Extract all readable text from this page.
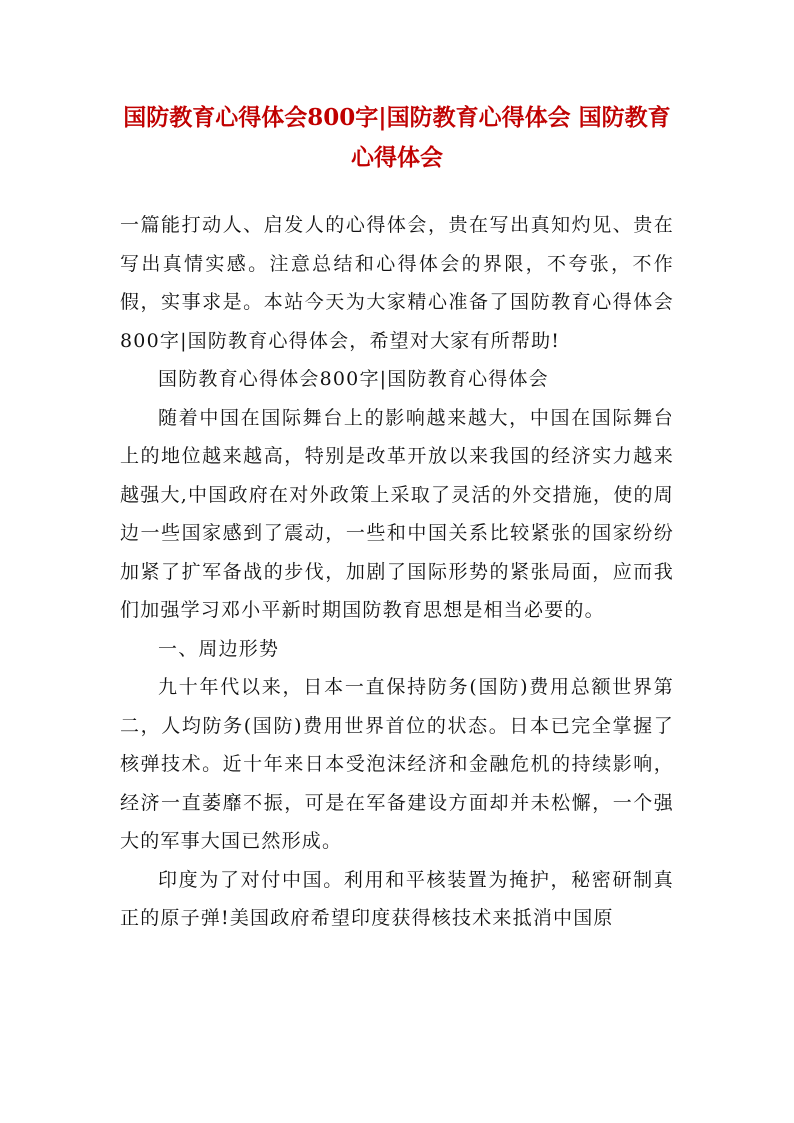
国防教育心得体会800字|国防教育心得体会 国防教育心得体会

一篇能打动人、启发人的心得体会，贵在写出真知灼见、贵在写出真情实感。注意总结和心得体会的界限，不夸张，不作假，实事求是。本站今天为大家精心准备了国防教育心得体会800字|国防教育心得体会，希望对大家有所帮助!

国防教育心得体会800字|国防教育心得体会

随着中国在国际舞台上的影响越来越大，中国在国际舞台上的地位越来越高，特别是改革开放以来我国的经济实力越来越强大,中国政府在对外政策上采取了灵活的外交措施，使的周边一些国家感到了震动，一些和中国关系比较紧张的国家纷纷加紧了扩军备战的步伐，加剧了国际形势的紧张局面，应而我们加强学习邓小平新时期国防教育思想是相当必要的。

一、周边形势

九十年代以来，日本一直保持防务(国防)费用总额世界第二，人均防务(国防)费用世界首位的状态。日本已完全掌握了核弹技术。近十年来日本受泡沫经济和金融危机的持续影响，经济一直萎靡不振，可是在军备建设方面却并未松懈，一个强大的军事大国已然形成。

印度为了对付中国。利用和平核装置为掩护，秘密研制真正的原子弹!美国政府希望印度获得核技术来抵消中国原
